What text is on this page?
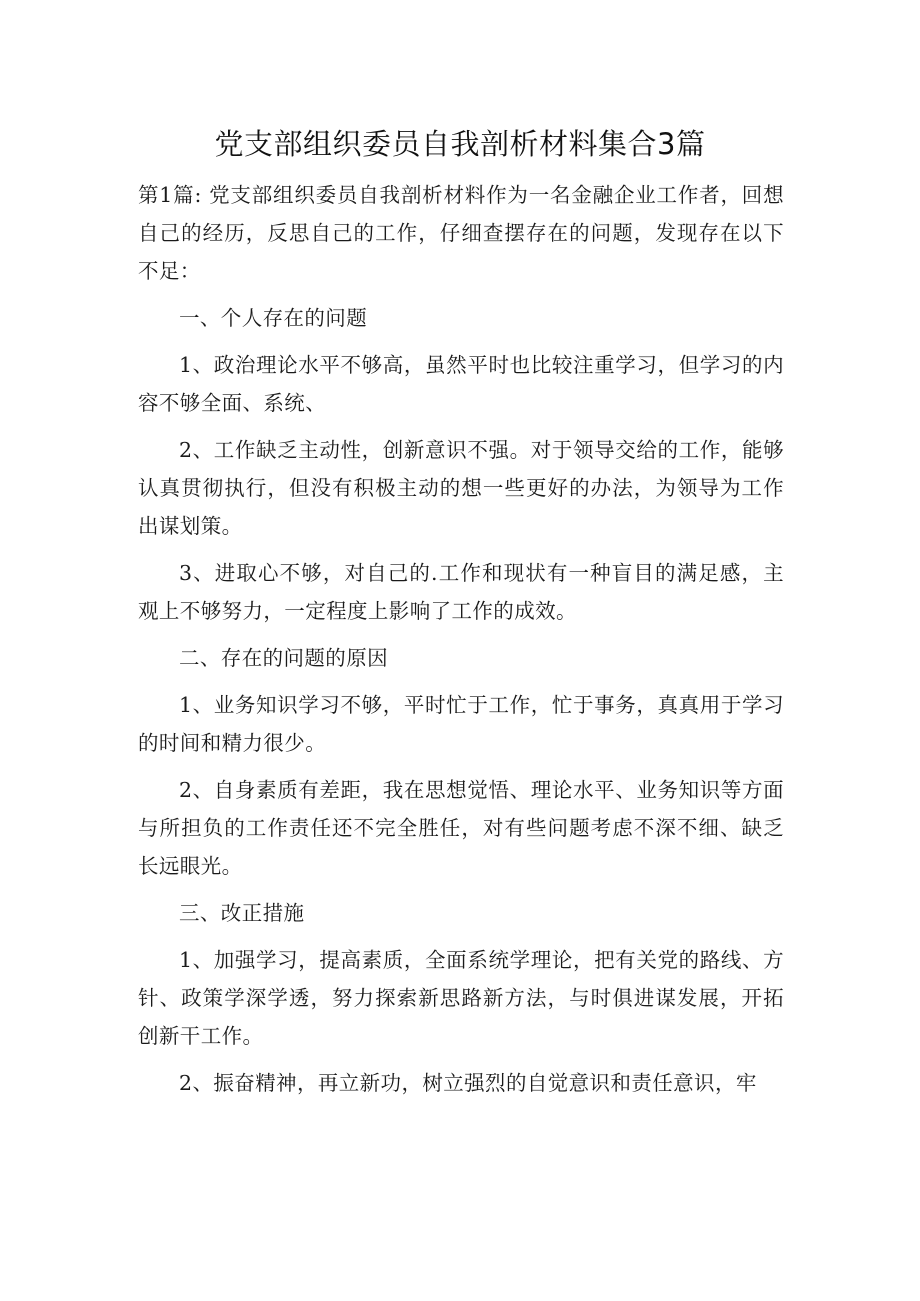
党支部组织委员自我剖析材料集合3篇

第1篇: 党支部组织委员自我剖析材料作为一名金融企业工作者，回想自己的经历，反思自己的工作，仔细查摆存在的问题，发现存在以下不足：

一、个人存在的问题

1、政治理论水平不够高，虽然平时也比较注重学习，但学习的内容不够全面、系统、

2、工作缺乏主动性，创新意识不强。对于领导交给的工作，能够认真贯彻执行，但没有积极主动的想一些更好的办法，为领导为工作出谋划策。

3、进取心不够，对自己的.工作和现状有一种盲目的满足感，主观上不够努力，一定程度上影响了工作的成效。

二、存在的问题的原因

1、业务知识学习不够，平时忙于工作，忙于事务，真真用于学习的时间和精力很少。

2、自身素质有差距，我在思想觉悟、理论水平、业务知识等方面与所担负的工作责任还不完全胜任，对有些问题考虑不深不细、缺乏长远眼光。

三、改正措施

1、加强学习，提高素质，全面系统学理论，把有关党的路线、方针、政策学深学透，努力探索新思路新方法，与时俱进谋发展，开拓创新干工作。

2、振奋精神，再立新功，树立强烈的自觉意识和责任意识，牢
